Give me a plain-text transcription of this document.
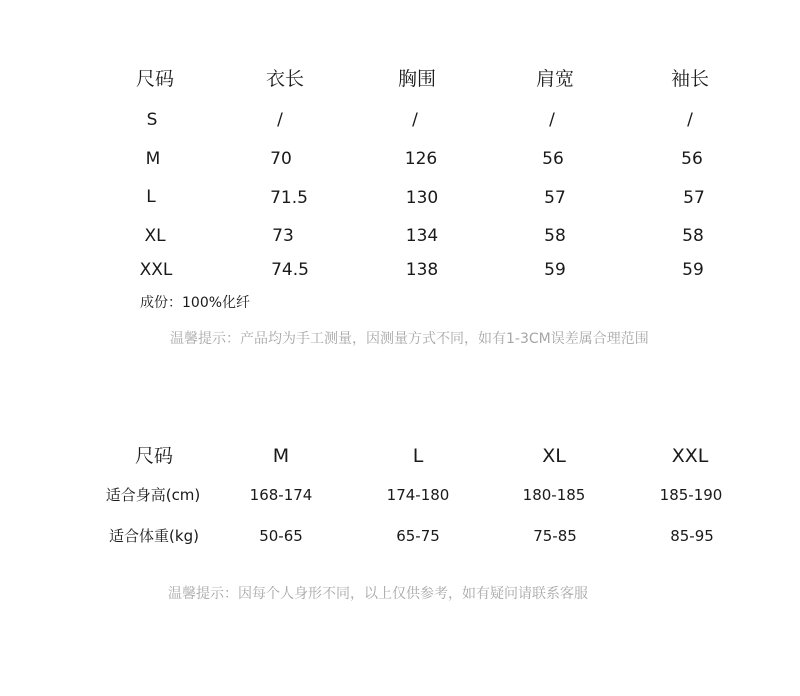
尺码	衣长	胸围	肩宽	袖长
S	/	/	/	/
M	70	126	56	56
L	71.5	130	57	57
XL	73	134	58	58
XXL	74.5	138	59	59
成份：100%化纤
温馨提示：产品均为手工测量，因测量方式不同，如有1-3CM误差属合理范围
尺码	M	L	XL	XXL
适合身高(cm)	168-174	174-180	180-185	185-190
适合体重(kg)	50-65	65-75	75-85	85-95
温馨提示：因每个人身形不同，以上仅供参考，如有疑问请联系客服
